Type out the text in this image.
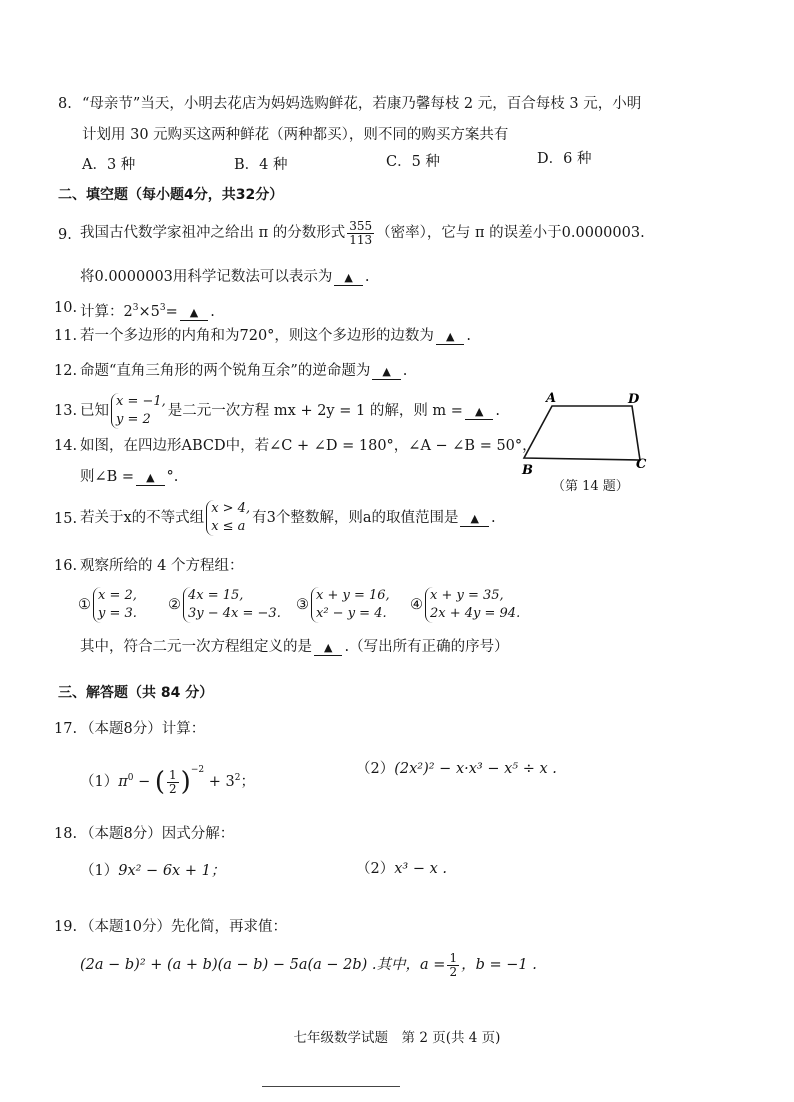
8. “母亲节”当天，小明去花店为妈妈选购鲜花，若康乃馨每枝 2 元，百合每枝 3 元，小明
计划用 30 元购买这两种鲜花（两种都买），则不同的购买方案共有
A．3 种	B．4 种	C．5 种	D．6 种
二、填空题（每小题4分，共32分）
9. 我国古代数学家祖冲之给出 π 的分数形式 $\frac{355}{113}$ （密率），它与 π 的误差小于0.0000003.
将0.0000003用科学记数法可以表示为 ▲ .
10. 计算：$2^3\times 5^3=$ ▲ .
11. 若一个多边形的内角和为720°，则这个多边形的边数为 ▲ .
12. 命题“直角三角形的两个锐角互余”的逆命题为 ▲ .
13. 已知
x = −1,
y = 2
是二元一次方程 mx + 2y = 1 的解，则 m = ▲ .
14. 如图，在四边形ABCD中，若∠C + ∠D = 180°，∠A − ∠B = 50°，
则∠B = ▲ °.
A	D
B	C
（第 14 题）
15. 若关于x的不等式组
x > 4,
x ≤ a
有3个整数解，则a的取值范围是 ▲ .
16. 观察所给的 4 个方程组：
①
x = 2,
y = 3.
②
4x = 15,
3y − 4x = −3.
③
x + y = 16,
x² − y = 4.
④
x + y = 35,
2x + 4y = 94.
其中，符合二元一次方程组定义的是 ▲ .（写出所有正确的序号）
三、解答题（共 84 分）
17. （本题8分）计算：
$(1)\pi^0$ − ( $\frac{1}{2} )^{-2} + 3^2$；
（2）(2x²)² − x·x³ − x⁵ ÷ x .
18. （本题8分）因式分解：
（1）9x² − 6x + 1；	（2）x³ − x .
19. （本题10分）先化简，再求值：
(2a − b)² + (a + b)(a − b) − 5a(a − 2b) .其中，$a = \frac{1}{2}$ ，b = −1 .
七年级数学试题　第 2 页(共 4 页)
